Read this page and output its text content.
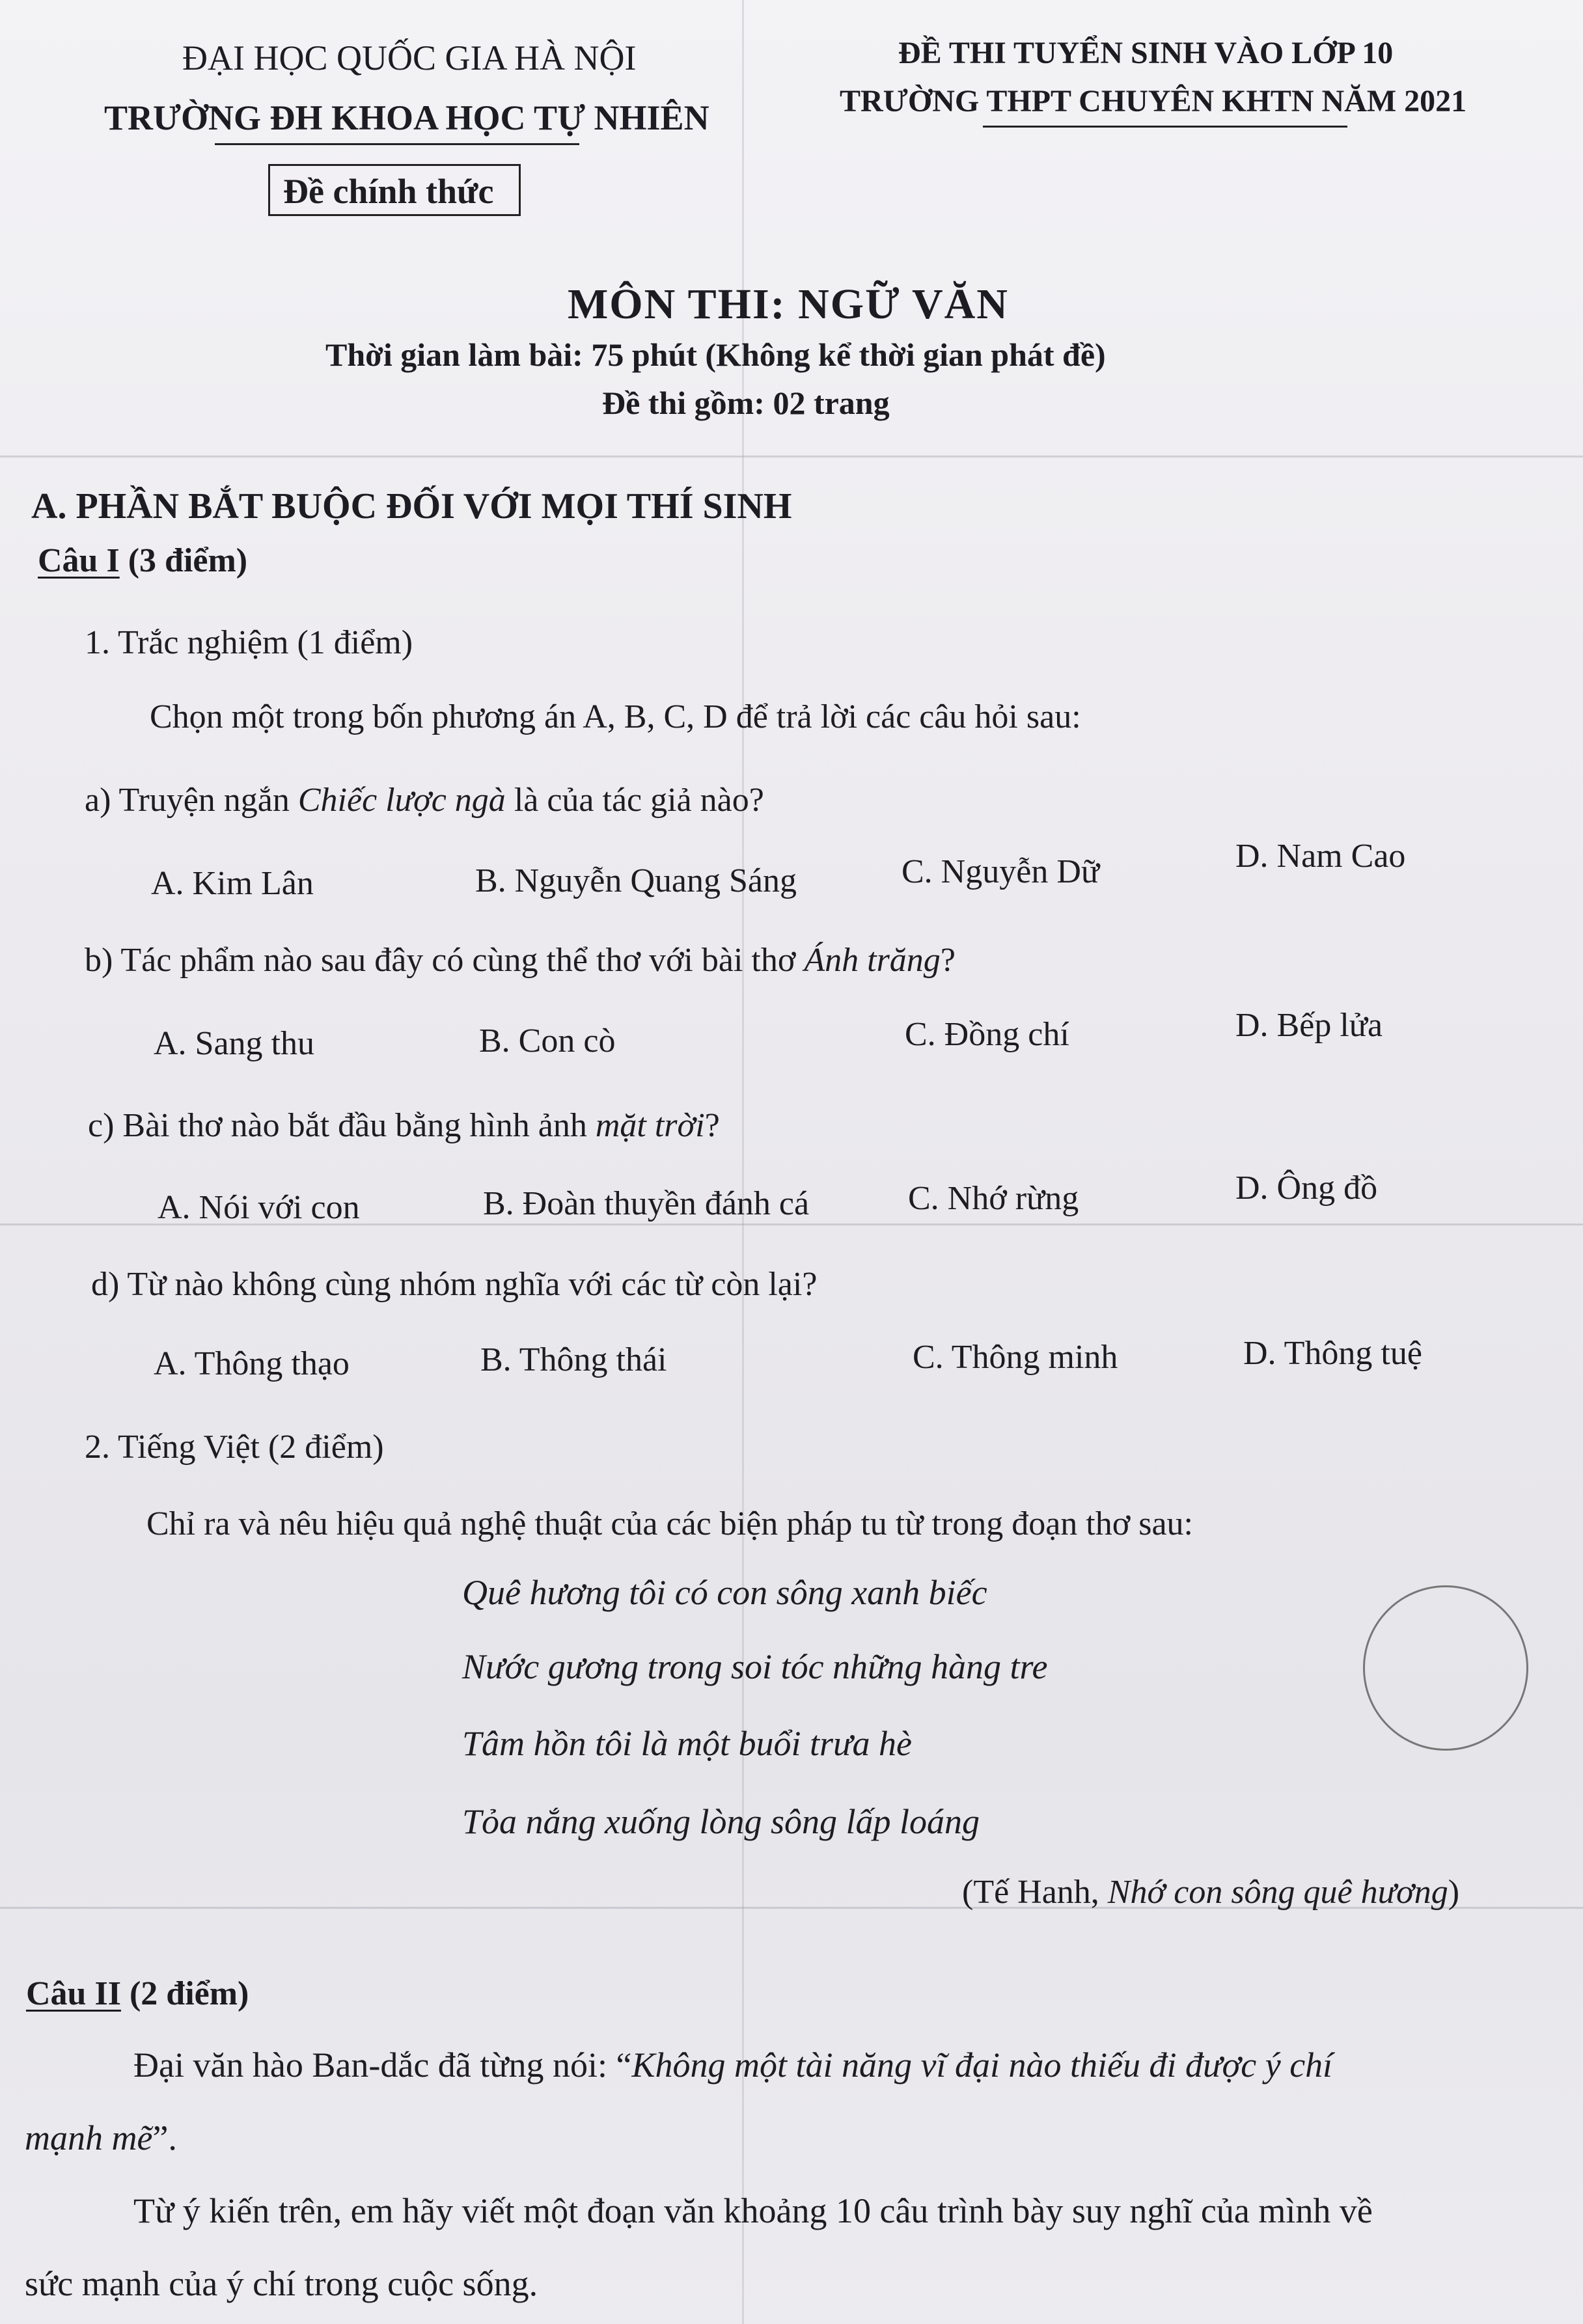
ĐẠI HỌC QUỐC GIA HÀ NỘI
TRƯỜNG ĐH KHOA HỌC TỰ NHIÊN
ĐỀ THI TUYỂN SINH VÀO LỚP 10
TRƯỜNG THPT CHUYÊN KHTN NĂM 2021
Đề chính thức
MÔN THI: NGỮ VĂN
Thời gian làm bài: 75 phút (Không kể thời gian phát đề)
Đề thi gồm: 02 trang
A. PHẦN BẮT BUỘC ĐỐI VỚI MỌI THÍ SINH
Câu I (3 điểm)
1. Trắc nghiệm (1 điểm)
Chọn một trong bốn phương án A, B, C, D để trả lời các câu hỏi sau:
a) Truyện ngắn Chiếc lược ngà là của tác giả nào?
A. Kim Lân	B. Nguyễn Quang Sáng	C. Nguyễn Dữ	D. Nam Cao
b) Tác phẩm nào sau đây có cùng thể thơ với bài thơ Ánh trăng?
A. Sang thu	B. Con cò	C. Đồng chí	D. Bếp lửa
c) Bài thơ nào bắt đầu bằng hình ảnh mặt trời?
A. Nói với con	B. Đoàn thuyền đánh cá	C. Nhớ rừng	D. Ông đồ
d) Từ nào không cùng nhóm nghĩa với các từ còn lại?
A. Thông thạo	B. Thông thái	C. Thông minh	D. Thông tuệ
2. Tiếng Việt (2 điểm)
Chỉ ra và nêu hiệu quả nghệ thuật của các biện pháp tu từ trong đoạn thơ sau:
Quê hương tôi có con sông xanh biếc
Nước gương trong soi tóc những hàng tre
Tâm hồn tôi là một buổi trưa hè
Tỏa nắng xuống lòng sông lấp loáng
(Tế Hanh, Nhớ con sông quê hương)
Câu II (2 điểm)
Đại văn hào Ban-dắc đã từng nói: “Không một tài năng vĩ đại nào thiếu đi được ý chí
mạnh mẽ”.
Từ ý kiến trên, em hãy viết một đoạn văn khoảng 10 câu trình bày suy nghĩ của mình về
sức mạnh của ý chí trong cuộc sống.
